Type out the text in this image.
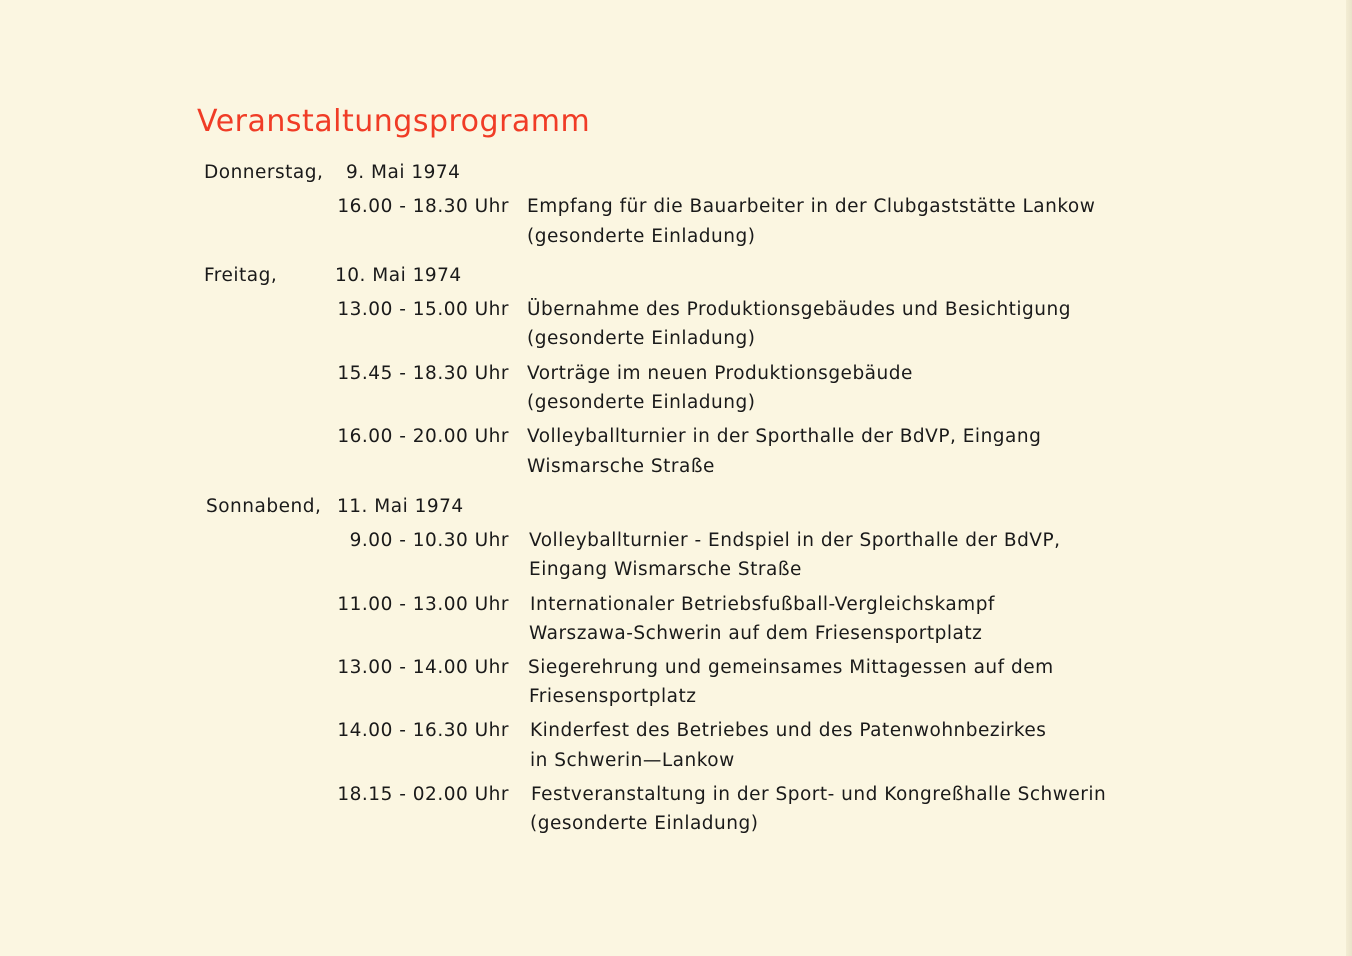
Veranstaltungsprogramm
Donnerstag, 9. Mai 1974
16.00 - 18.30 Uhr Empfang für die Bauarbeiter in der Clubgaststätte Lankow
(gesonderte Einladung)
Freitag,	10. Mai 1974
13.00 - 15.00 Uhr Übernahme des Produktionsgebäudes und Besichtigung
(gesonderte Einladung)
15.45 - 18.30 Uhr Vorträge im neuen Produktionsgebäude
(gesonderte Einladung)
16.00 - 20.00 Uhr Volleyballturnier in der Sporthalle der BdVP, Eingang
Wismarsche Straße
Sonnabend, 11. Mai 1974
9.00 - 10.30 Uhr Volleyballturnier - Endspiel in der Sporthalle der BdVP,
Eingang Wismarsche Straße
11.00 - 13.00 Uhr Internationaler Betriebsfußball-Vergleichskampf
Warszawa-Schwerin auf dem Friesensportplatz
13.00 - 14.00 Uhr Siegerehrung und gemeinsames Mittagessen auf dem
Friesensportplatz
14.00 - 16.30 Uhr Kinderfest des Betriebes und des Patenwohnbezirkes
in Schwerin—Lankow
18.15 - 02.00 Uhr Festveranstaltung in der Sport- und Kongreßhalle Schwerin
(gesonderte Einladung)
